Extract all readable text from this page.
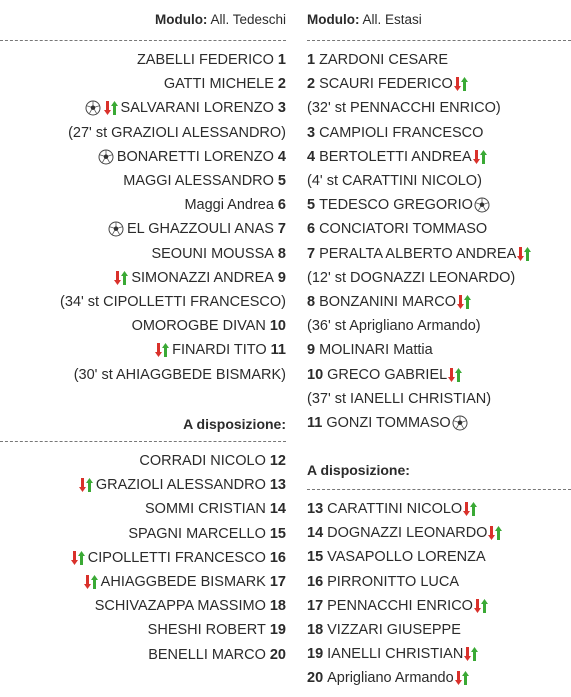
Modulo: All. Tedeschi
ZABELLI FEDERICO 1
GATTI MICHELE 2
SALVARANI LORENZO 3
(27' st GRAZIOLI ALESSANDRO)
BONARETTI LORENZO 4
MAGGI ALESSANDRO 5
Maggi Andrea 6
EL GHAZZOULI ANAS 7
SEOUNI MOUSSA 8
SIMONAZZI ANDREA 9
(34' st CIPOLLETTI FRANCESCO)
OMOROGBE DIVAN 10
FINARDI TITO 11
(30' st AHIAGGBEDE BISMARK)
A disposizione:
CORRADI NICOLO 12
GRAZIOLI ALESSANDRO 13
SOMMI CRISTIAN 14
SPAGNI MARCELLO 15
CIPOLLETTI FRANCESCO 16
AHIAGGBEDE BISMARK 17
SCHIVAZAPPA MASSIMO 18
SHESHI ROBERT 19
BENELLI MARCO 20
Modulo: All. Estasi
1 ZARDONI CESARE
2 SCAURI FEDERICO
(32' st PENNACCHI ENRICO)
3 CAMPIOLI FRANCESCO
4 BERTOLETTI ANDREA
(4' st CARATTINI NICOLO)
5 TEDESCO GREGORIO
6 CONCIATORI TOMMASO
7 PERALTA ALBERTO ANDREA
(12' st DOGNAZZI LEONARDO)
8 BONZANINI MARCO
(36' st Aprigliano Armando)
9 MOLINARI Mattia
10 GRECO GABRIEL
(37' st IANELLI CHRISTIAN)
11 GONZI TOMMASO
A disposizione:
13 CARATTINI NICOLO
14 DOGNAZZI LEONARDO
15 VASAPOLLO LORENZA
16 PIRRONITTO LUCA
17 PENNACCHI ENRICO
18 VIZZARI GIUSEPPE
19 IANELLI CHRISTIAN
20 Aprigliano Armando
